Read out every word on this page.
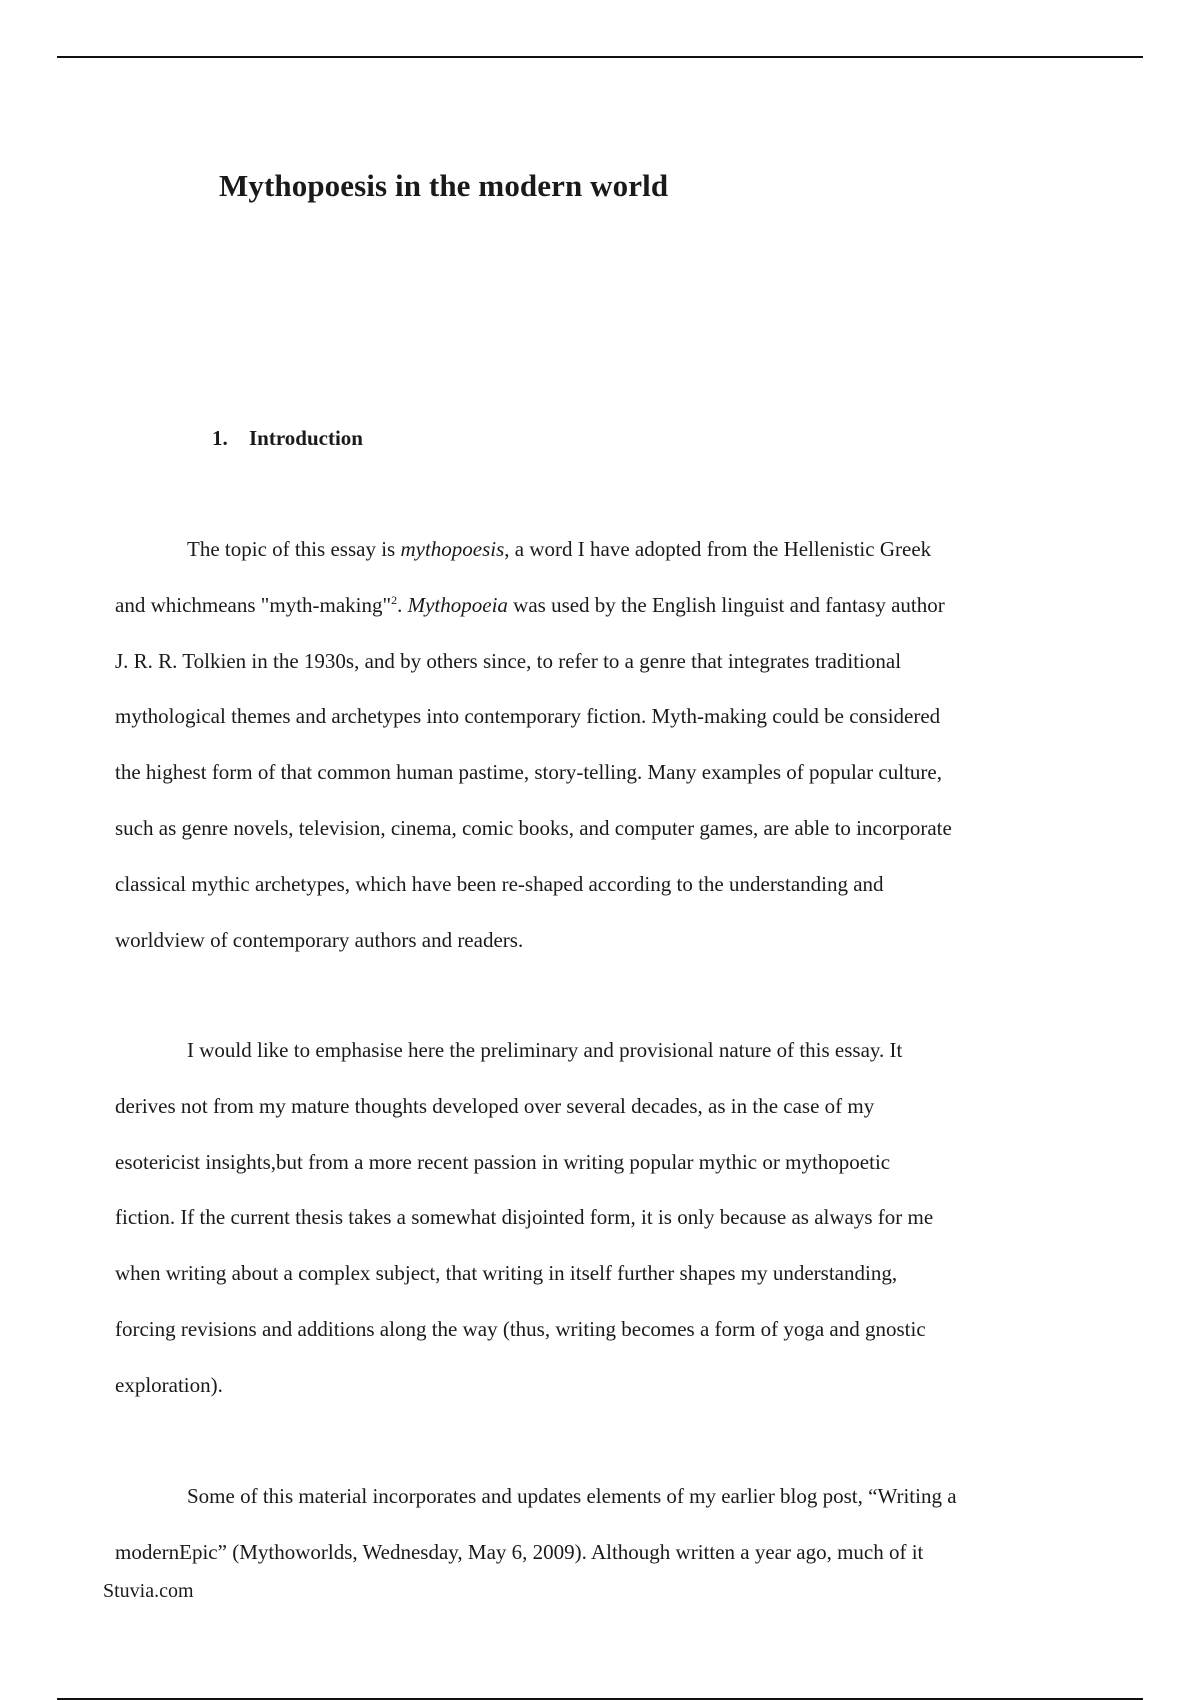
Mythopoesis in the modern world
1. Introduction

The topic of this essay is mythopoesis, a word I have adopted from the Hellenistic Greek

and whichmeans "myth-making"$^2$. Mythopoeia was used by the English linguist and fantasy author

J. R. R. Tolkien in the 1930s, and by others since, to refer to a genre that integrates traditional

mythological themes and archetypes into contemporary fiction. Myth-making could be considered

the highest form of that common human pastime, story-telling. Many examples of popular culture,

such as genre novels, television, cinema, comic books, and computer games, are able to incorporate

classical mythic archetypes, which have been re-shaped according to the understanding and

worldview of contemporary authors and readers.

I would like to emphasise here the preliminary and provisional nature of this essay. It

derives not from my mature thoughts developed over several decades, as in the case of my

esotericist insights,but from a more recent passion in writing popular mythic or mythopoetic

fiction. If the current thesis takes a somewhat disjointed form, it is only because as always for me

when writing about a complex subject, that writing in itself further shapes my understanding,

forcing revisions and additions along the way (thus, writing becomes a form of yoga and gnostic

exploration).

Some of this material incorporates and updates elements of my earlier blog post, “Writing a

modernEpic” (Mythoworlds, Wednesday, May 6, 2009). Although written a year ago, much of it

Stuvia.com
